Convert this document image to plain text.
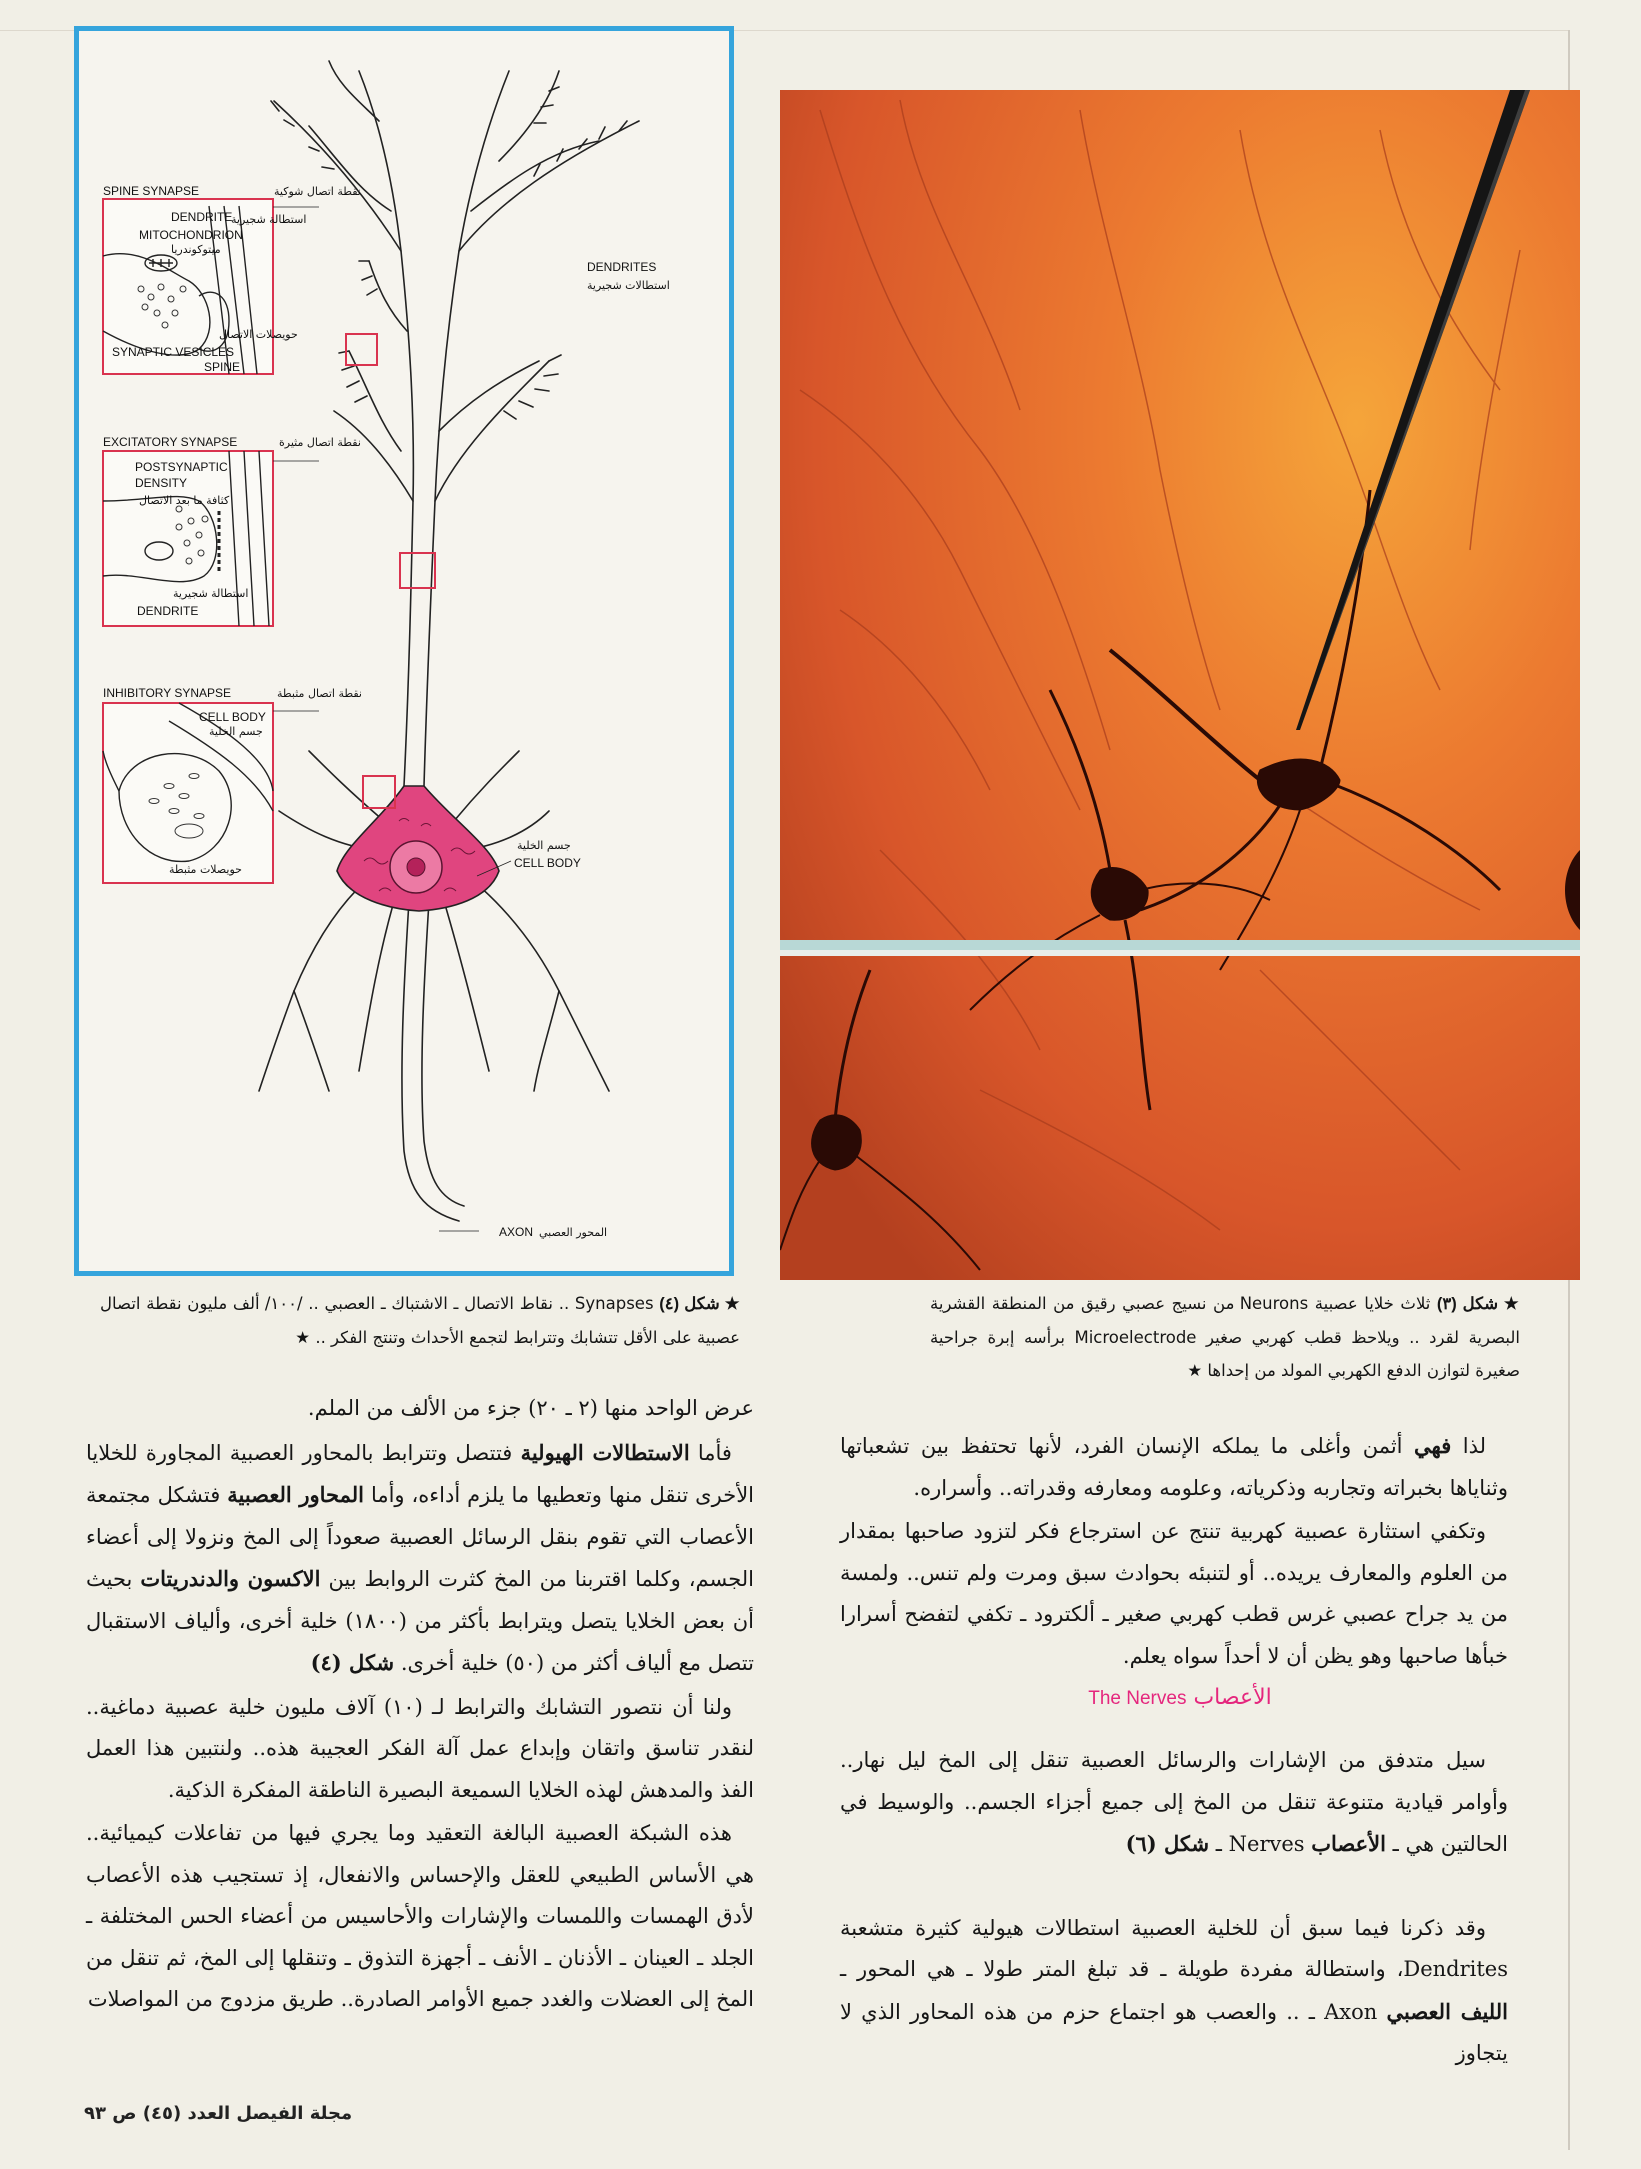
SPINE SYNAPSE	نقطة اتصال شوكية
DENDRITE
استطالة شجيرية
MITOCHONDRION
ميتوكوندريا
حويصلات الاتصال
SYNAPTIC VESICLES
SPINE
DENDRITES
استطالات شجيرية
EXCITATORY SYNAPSE	نقطة اتصال مثيرة
POSTSYNAPTIC
DENSITY
كثافة ما بعد الاتصال
استطالة شجيرية
DENDRITE
جسم الخلية
CELL BODY
INHIBITORY SYNAPSE	نقطة اتصال مثبطة
CELL BODY
جسم الخلية
حويصلات مثبطة
AXON المحور العصبي
★ شكل (٤) Synapses .. نقاط الاتصال ـ الاشتباك ـ العصبي .. /١٠٠/ ألف مليون نقطة اتصال عصبية على الأقل تتشابك وتترابط لتجمع الأحداث وتنتج الفكر .. ★
★ شكل (٣) ثلاث خلايا عصبية Neurons من نسيج عصبي رقيق من المنطقة القشرية البصرية لقرد .. ويلاحظ قطب كهربي صغير Microelectrode برأسه إبرة جراحية صغيرة لتوازن الدفع الكهربي المولد من إحداها ★

عرض الواحد منها (٢ ـ ٢٠) جزء من الألف من الملم.

فأما الاستطالات الهيولية فتتصل وتترابط بالمحاور العصبية المجاورة للخلايا الأخرى تنقل منها وتعطيها ما يلزم أداءه، وأما المحاور العصبية فتشكل مجتمعة الأعصاب التي تقوم بنقل الرسائل العصبية صعوداً إلى المخ ونزولا إلى أعضاء الجسم، وكلما اقتربنا من المخ كثرت الروابط بين الاكسون والدندريتات بحيث أن بعض الخلايا يتصل ويترابط بأكثر من (١٨٠٠) خلية أخرى، وألياف الاستقبال تتصل مع ألياف أكثر من (٥٠) خلية أخرى. شكل (٤)

ولنا أن نتصور التشابك والترابط لـ (١٠) آلاف مليون خلية عصبية دماغية.. لنقدر تناسق واتقان وإبداع عمل آلة الفكر العجيبة هذه.. ولنتبين هذا العمل الفذ والمدهش لهذه الخلايا السميعة البصيرة الناطقة المفكرة الذكية.

هذه الشبكة العصبية البالغة التعقيد وما يجري فيها من تفاعلات كيميائية.. هي الأساس الطبيعي للعقل والإحساس والانفعال، إذ تستجيب هذه الأعصاب لأدق الهمسات واللمسات والإشارات والأحاسيس من أعضاء الحس المختلفة ـ الجلد ـ العينان ـ الأذنان ـ الأنف ـ أجهزة التذوق ـ وتنقلها إلى المخ، ثم تنقل من المخ إلى العضلات والغدد جميع الأوامر الصادرة.. طريق مزدوج من المواصلات

لذا فهي أثمن وأغلى ما يملكه الإنسان الفرد، لأنها تحتفظ بين تشعباتها وثناياها بخبراته وتجاربه وذكرياته، وعلومه ومعارفه وقدراته.. وأسراره.

وتكفي استثارة عصبية كهربية تنتج عن استرجاع فكر لتزود صاحبها بمقدار من العلوم والمعارف يريده.. أو لتنبئه بحوادث سبق ومرت ولم تنس.. ولمسة من يد جراح عصبي غرس قطب كهربي صغير ـ ألكترود ـ تكفي لتفضح أسرارا خبأها صاحبها وهو يظن أن لا أحداً سواه يعلم.

الأعصاب The Nerves

سيل متدفق من الإشارات والرسائل العصبية تنقل إلى المخ ليل نهار.. وأوامر قيادية متنوعة تنقل من المخ إلى جميع أجزاء الجسم.. والوسيط في الحالتين هي ـ الأعصاب Nerves ـ شكل (٦)

وقد ذكرنا فيما سبق أن للخلية العصبية استطالات هيولية كثيرة متشعبة Dendrites، واستطالة مفردة طويلة ـ قد تبلغ المتر طولا ـ هي المحور ـ الليف العصبي Axon ـ .. والعصب هو اجتماع حزم من هذه المحاور الذي لا يتجاوز

مجلة الفيصل العدد (٤٥) ص ٩٣
